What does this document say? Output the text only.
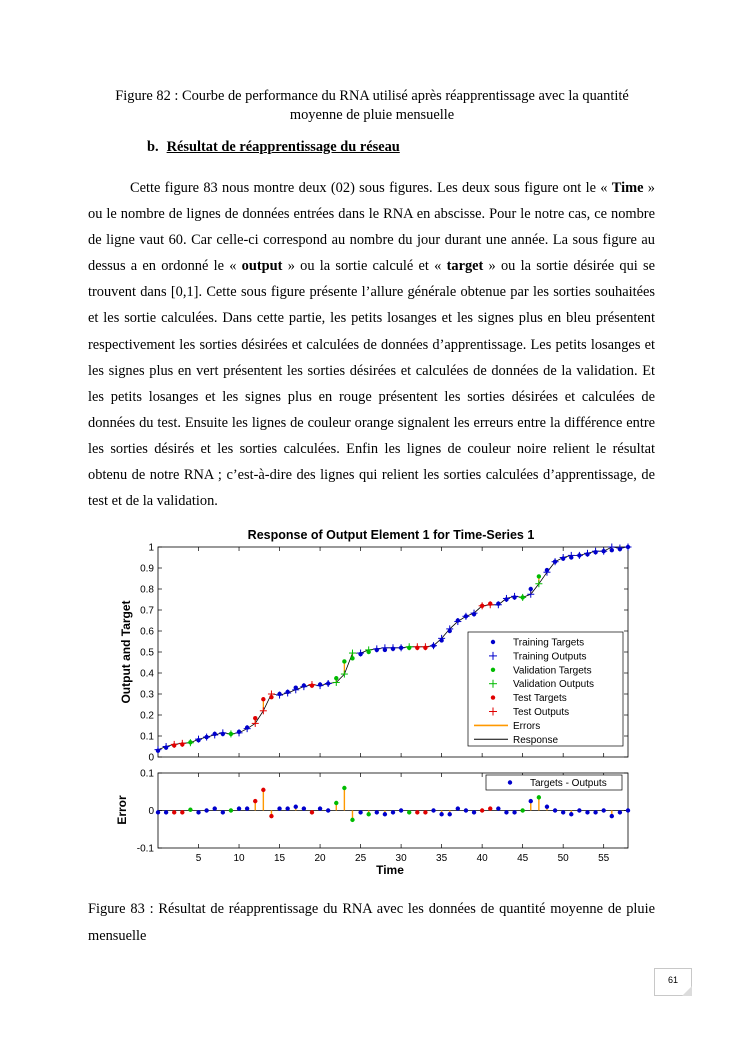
Figure 82 : Courbe de performance du RNA utilisé après réapprentissage avec la quantité moyenne de pluie mensuelle
b. Résultat de réapprentissage du réseau

Cette figure 83 nous montre deux (02) sous figures. Les deux sous figure ont le « Time » ou le nombre de lignes de données entrées dans le RNA en abscisse. Pour le notre cas, ce nombre de ligne vaut 60. Car celle-ci correspond au nombre du jour durant une année. La sous figure au dessus a en ordonné le « output » ou la sortie calculé et « target » ou la sortie désirée qui se trouvent dans [0,1]. Cette sous figure présente l’allure générale obtenue par les sorties souhaitées et les sortie calculées. Dans cette partie, les petits losanges et les signes plus en bleu présentent respectivement les sorties désirées et calculées de données d’apprentissage. Les petits losanges et les signes plus en vert présentent les sorties désirées et calculées de données de la validation. Et les petits losanges et les signes plus en rouge présentent les sorties désirées et calculées de données du test. Ensuite les lignes de couleur orange signalent les erreurs entre la différence entre les sorties désirés et les sorties calculées. Enfin les lignes de couleur noire relient le résultat obtenu de notre RNA ; c’est-à-dire des lignes qui relient les sorties calculées d’apprentissage, de test et de la validation.

Response of Output Element 1 for Time-Series 1
Output and Target
Error
Time
0
0.1
0.2
0.3
0.4
0.5
0.6
0.7
0.8
0.9
1
-0.1
0
0.1
5	10	15	20	25	30	35	40	45	50	55
Training Targets
Training Outputs
Validation Targets
Validation Outputs
Test Targets
Test Outputs
Errors
Response
Targets - Outputs
Figure 83 : Résultat de réapprentissage du RNA avec les données de quantité moyenne de pluie mensuelle
61
